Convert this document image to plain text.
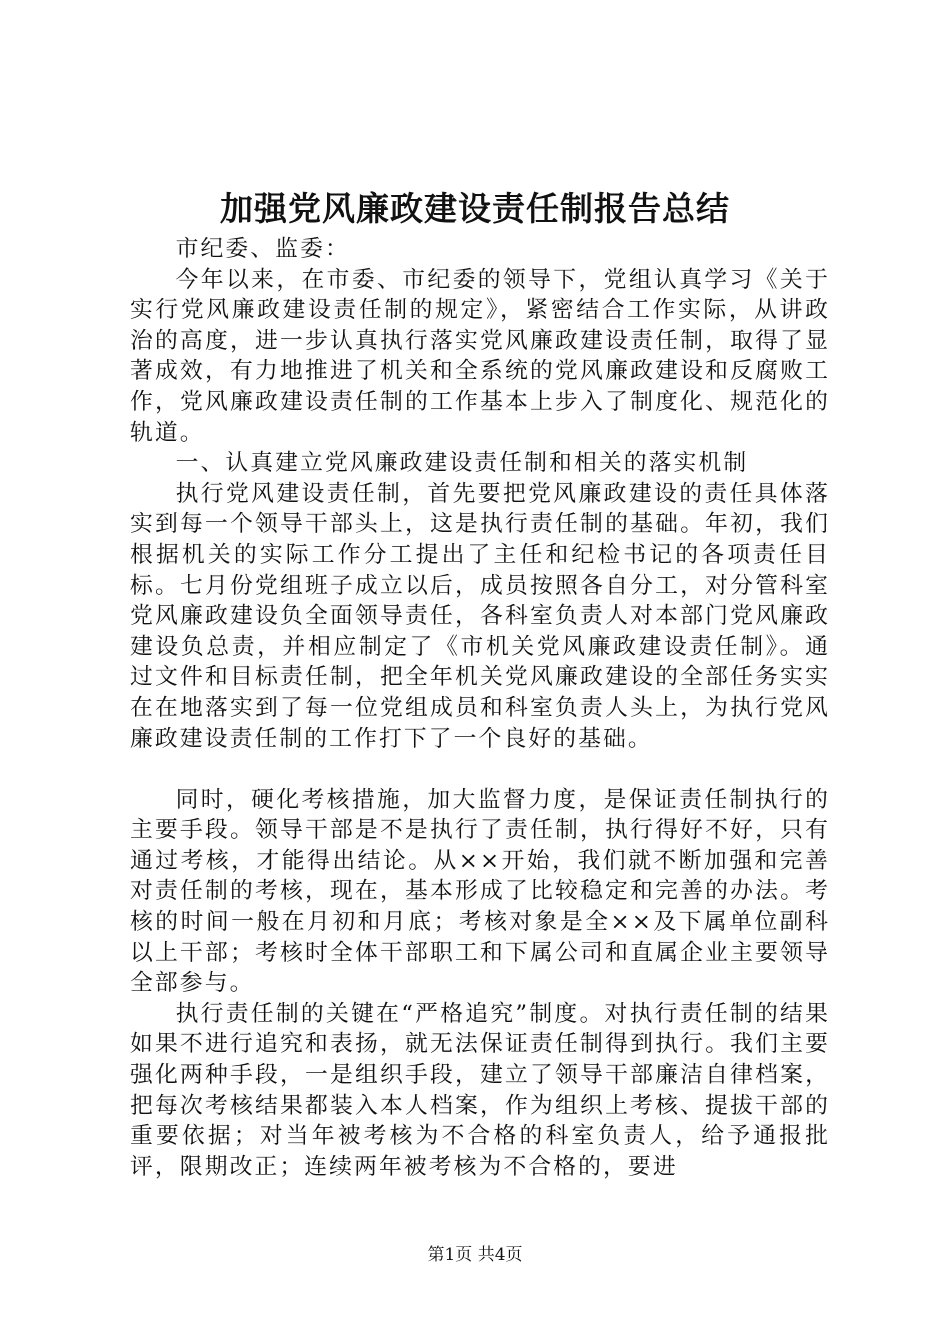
加强党风廉政建设责任制报告总结

市纪委、监委：

今年以来，在市委、市纪委的领导下，党组认真学习《关于实行党风廉政建设责任制的规定》，紧密结合工作实际，从讲政治的高度，进一步认真执行落实党风廉政建设责任制，取得了显著成效，有力地推进了机关和全系统的党风廉政建设和反腐败工作，党风廉政建设责任制的工作基本上步入了制度化、规范化的轨道。

一、认真建立党风廉政建设责任制和相关的落实机制

执行党风建设责任制，首先要把党风廉政建设的责任具体落实到每一个领导干部头上，这是执行责任制的基础。年初，我们根据机关的实际工作分工提出了主任和纪检书记的各项责任目标。七月份党组班子成立以后，成员按照各自分工，对分管科室党风廉政建设负全面领导责任，各科室负责人对本部门党风廉政建设负总责，并相应制定了《市机关党风廉政建设责任制》。通过文件和目标责任制，把全年机关党风廉政建设的全部任务实实在在地落实到了每一位党组成员和科室负责人头上，为执行党风廉政建设责任制的工作打下了一个良好的基础。

同时，硬化考核措施，加大监督力度，是保证责任制执行的主要手段。领导干部是不是执行了责任制，执行得好不好，只有通过考核，才能得出结论。从××开始，我们就不断加强和完善对责任制的考核，现在，基本形成了比较稳定和完善的办法。考核的时间一般在月初和月底；考核对象是全××及下属单位副科以上干部；考核时全体干部职工和下属公司和直属企业主要领导全部参与。

执行责任制的关键在“严格追究”制度。对执行责任制的结果如果不进行追究和表扬，就无法保证责任制得到执行。我们主要强化两种手段，一是组织手段，建立了领导干部廉洁自律档案，把每次考核结果都装入本人档案，作为组织上考核、提拔干部的重要依据；对当年被考核为不合格的科室负责人，给予通报批评，限期改正；连续两年被考核为不合格的，要进

第1页 共4页
